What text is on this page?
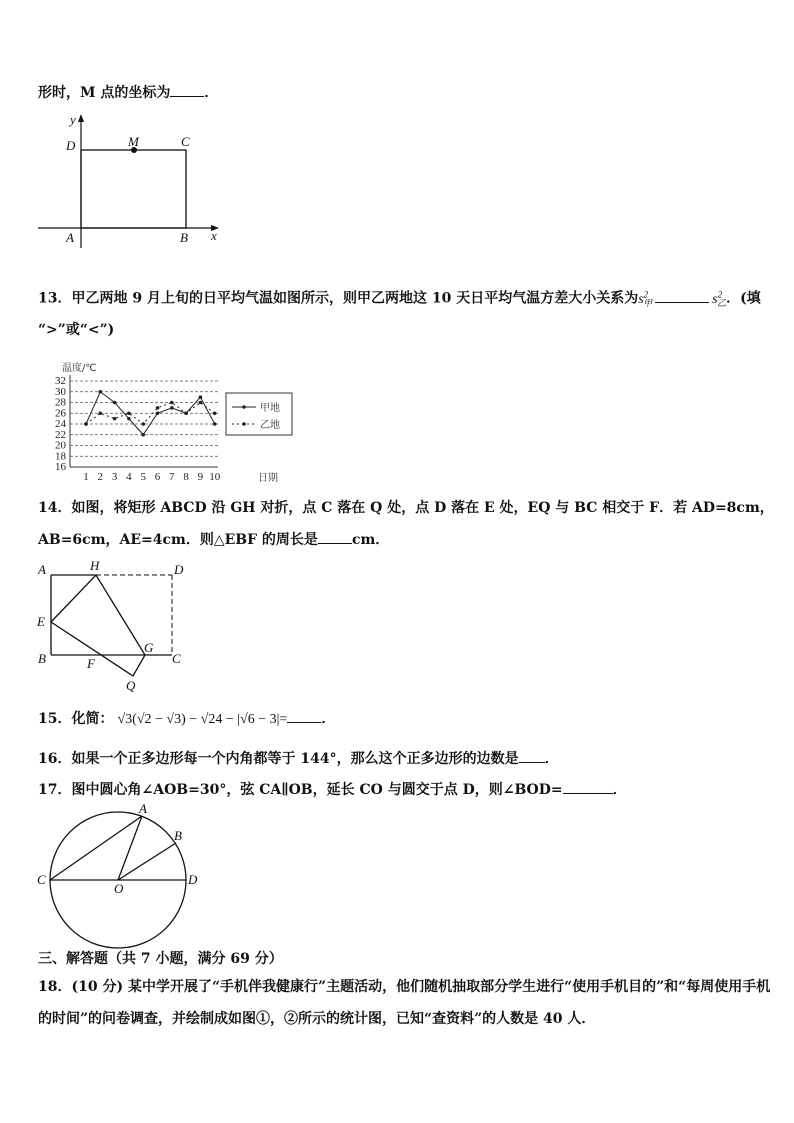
形时，M 点的坐标为 ．
y
D	M	C
A	B x
13．甲乙两地 9 月上旬的日平均气温如图所示，则甲乙两地这 10 天日平均气温方差大小关系为$s^2_甲$	$s^2_乙$．(填
“>”或“<”)
温度/℃
日期
16
18
20
22
24
26
28
30
32
1 2 3 4 5 6 7 8 9 10
甲地
乙地
14．如图，将矩形 ABCD 沿 GH 对折，点 C 落在 Q 处，点 D 落在 E 处，EQ 与 BC 相交于 F．若 AD=8cm，
AB=6cm，AE=4cm．则△EBF 的周长是 cm．
A	H	D
E
G
B	F	C
Q
15．化简： √3(√2 − √3) − √24 − |√6 − 3|= ．
16．如果一个正多边形每一个内角都等于 144°，那么这个正多边形的边数是 ．
17．图中圆心角∠AOB=30°，弦 CA∥OB，延长 CO 与圆交于点 D，则∠BOD=	．
A
B
C
O
D
三、解答题（共 7 小题，满分 69 分）
18．(10 分) 某中学开展了“手机伴我健康行”主题活动，他们随机抽取部分学生进行“使用手机目的”和“每周使用手机
的时间”的问卷调查，并绘制成如图①，②所示的统计图，已知“查资料”的人数是 40 人．
